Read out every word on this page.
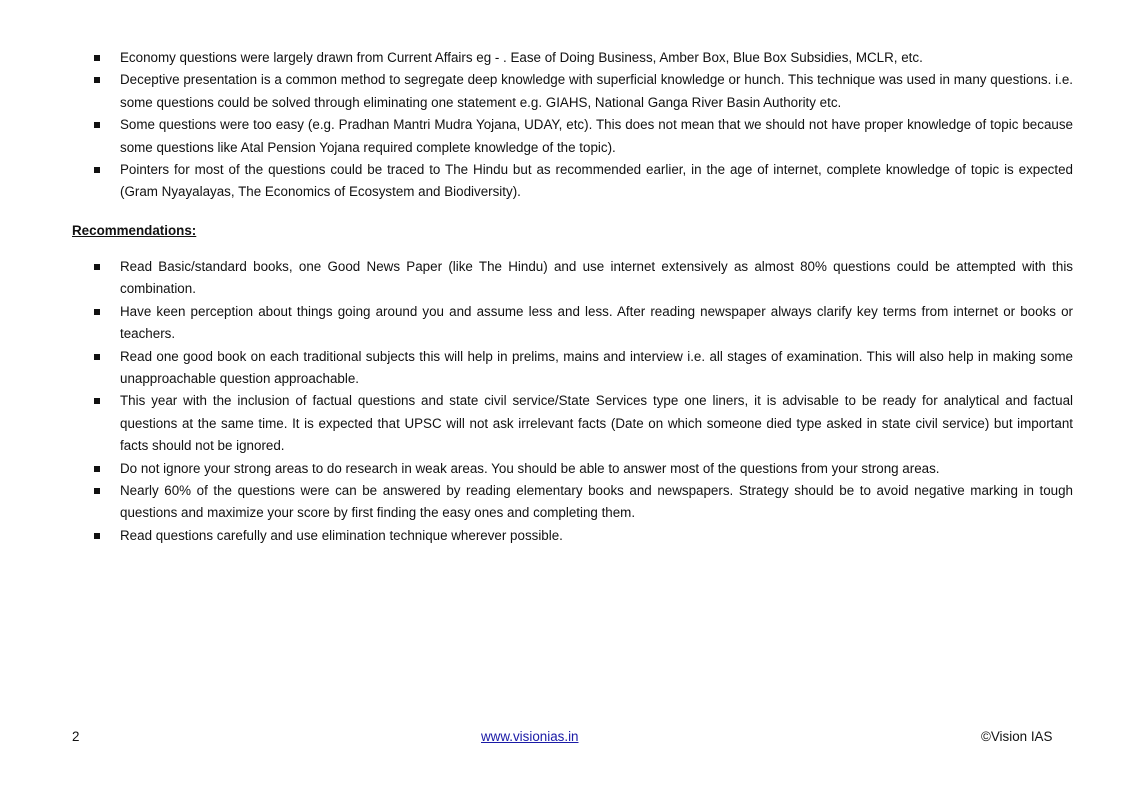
Economy questions were largely drawn from Current Affairs eg - . Ease of Doing Business, Amber Box, Blue Box Subsidies, MCLR, etc.
Deceptive presentation is a common method to segregate deep knowledge with superficial knowledge or hunch. This technique was used in many questions. i.e. some questions could be solved through eliminating one statement e.g. GIAHS, National Ganga River Basin Authority etc.
Some questions were too easy (e.g. Pradhan Mantri Mudra Yojana, UDAY, etc). This does not mean that we should not have proper knowledge of topic because some questions like Atal Pension Yojana required complete knowledge of the topic).
Pointers for most of the questions could be traced to The Hindu but as recommended earlier, in the age of internet, complete knowledge of topic is expected (Gram Nyayalayas, The Economics of Ecosystem and Biodiversity).
Recommendations:
Read Basic/standard books, one Good News Paper (like The Hindu) and use internet extensively as almost 80% questions could be attempted with this combination.
Have keen perception about things going around you and assume less and less. After reading newspaper always clarify key terms from internet or books or teachers.
Read one good book on each traditional subjects this will help in prelims, mains and interview i.e. all stages of examination. This will also help in making some unapproachable question approachable.
This year with the inclusion of factual questions and state civil service/State Services type one liners, it is advisable to be ready for analytical and factual questions at the same time. It is expected that UPSC will not ask irrelevant facts (Date on which someone died type asked in state civil service) but important facts should not be ignored.
Do not ignore your strong areas to do research in weak areas. You should be able to answer most of the questions from your strong areas.
Nearly 60% of the questions were can be answered by reading elementary books and newspapers. Strategy should be to avoid negative marking in tough questions and maximize your score by first finding the easy ones and completing them.
Read questions carefully and use elimination technique wherever possible.
2	www.visionias.in	©Vision IAS
